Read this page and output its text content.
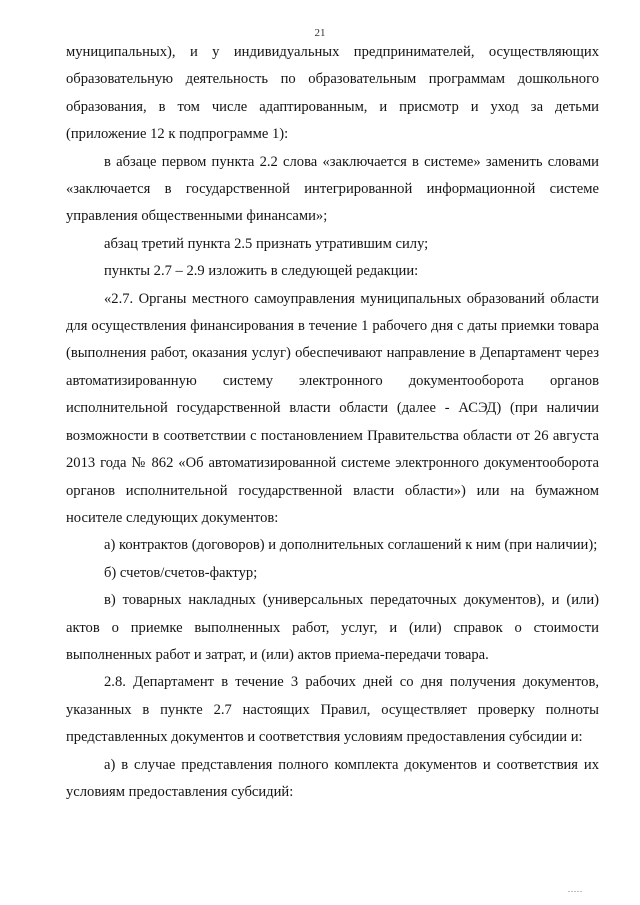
21

муниципальных), и у индивидуальных предпринимателей, осуществляющих образовательную деятельность по образовательным программам дошкольного образования, в том числе адаптированным, и присмотр и уход за детьми (приложение 12 к подпрограмме 1):

в абзаце первом пункта 2.2 слова «заключается в системе» заменить словами «заключается в государственной интегрированной информационной системе управления общественными финансами»;

абзац третий пункта 2.5 признать утратившим силу;

пункты 2.7 – 2.9 изложить в следующей редакции:

«2.7. Органы местного самоуправления муниципальных образований области для осуществления финансирования в течение 1 рабочего дня с даты приемки товара (выполнения работ, оказания услуг) обеспечивают направление в Департамент через автоматизированную систему электронного документооборота органов исполнительной государственной власти области (далее - АСЭД) (при наличии возможности в соответствии с постановлением Правительства области от 26 августа 2013 года № 862 «Об автоматизированной системе электронного документооборота органов исполнительной государственной власти области») или на бумажном носителе следующих документов:

а) контрактов (договоров) и дополнительных соглашений к ним (при наличии);

б) счетов/счетов-фактур;

в) товарных накладных (универсальных передаточных документов), и (или) актов о приемке выполненных работ, услуг, и (или) справок о стоимости выполненных работ и затрат, и (или) актов приема-передачи товара.

2.8. Департамент в течение 3 рабочих дней со дня получения документов, указанных в пункте 2.7 настоящих Правил, осуществляет проверку полноты представленных документов и соответствия условиям предоставления субсидии и:

а) в случае представления полного комплекта документов и соответствия их условиям предоставления субсидий:

.....
